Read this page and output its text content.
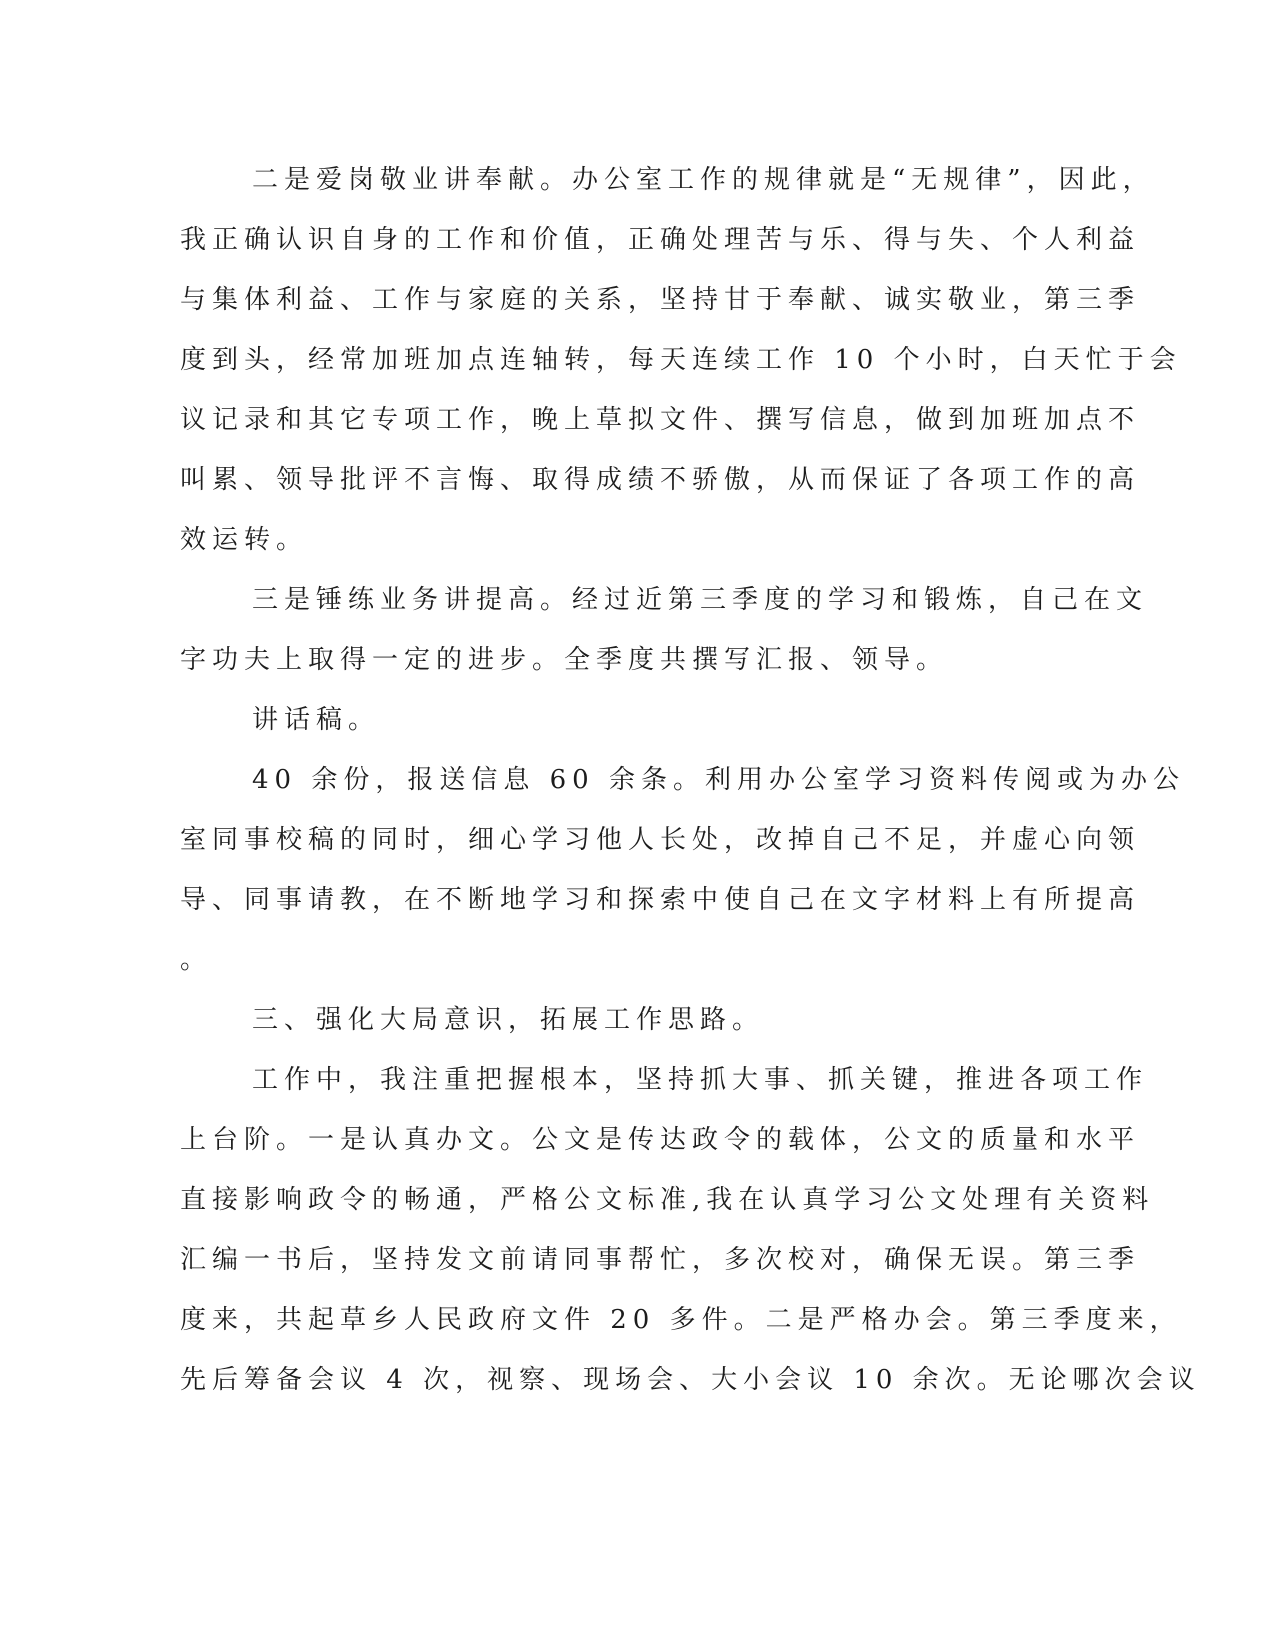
二是爱岗敬业讲奉献。办公室工作的规律就是“无规律”，因此，
我正确认识自身的工作和价值，正确处理苦与乐、得与失、个人利益
与集体利益、工作与家庭的关系，坚持甘于奉献、诚实敬业，第三季
度到头，经常加班加点连轴转，每天连续工作 10 个小时，白天忙于会
议记录和其它专项工作，晚上草拟文件、撰写信息，做到加班加点不
叫累、领导批评不言悔、取得成绩不骄傲，从而保证了各项工作的高
效运转。
三是锤练业务讲提高。经过近第三季度的学习和锻炼，自己在文
字功夫上取得一定的进步。全季度共撰写汇报、领导。
讲话稿。
40 余份，报送信息 60 余条。利用办公室学习资料传阅或为办公
室同事校稿的同时，细心学习他人长处，改掉自己不足，并虚心向领
导、同事请教，在不断地学习和探索中使自己在文字材料上有所提高
。
三、强化大局意识，拓展工作思路。
工作中，我注重把握根本，坚持抓大事、抓关键，推进各项工作
上台阶。一是认真办文。公文是传达政令的载体，公文的质量和水平
直接影响政令的畅通，严格公文标准,我在认真学习公文处理有关资料
汇编一书后，坚持发文前请同事帮忙，多次校对，确保无误。第三季
度来，共起草乡人民政府文件 20 多件。二是严格办会。第三季度来，
先后筹备会议 4 次，视察、现场会、大小会议 10 余次。无论哪次会议
